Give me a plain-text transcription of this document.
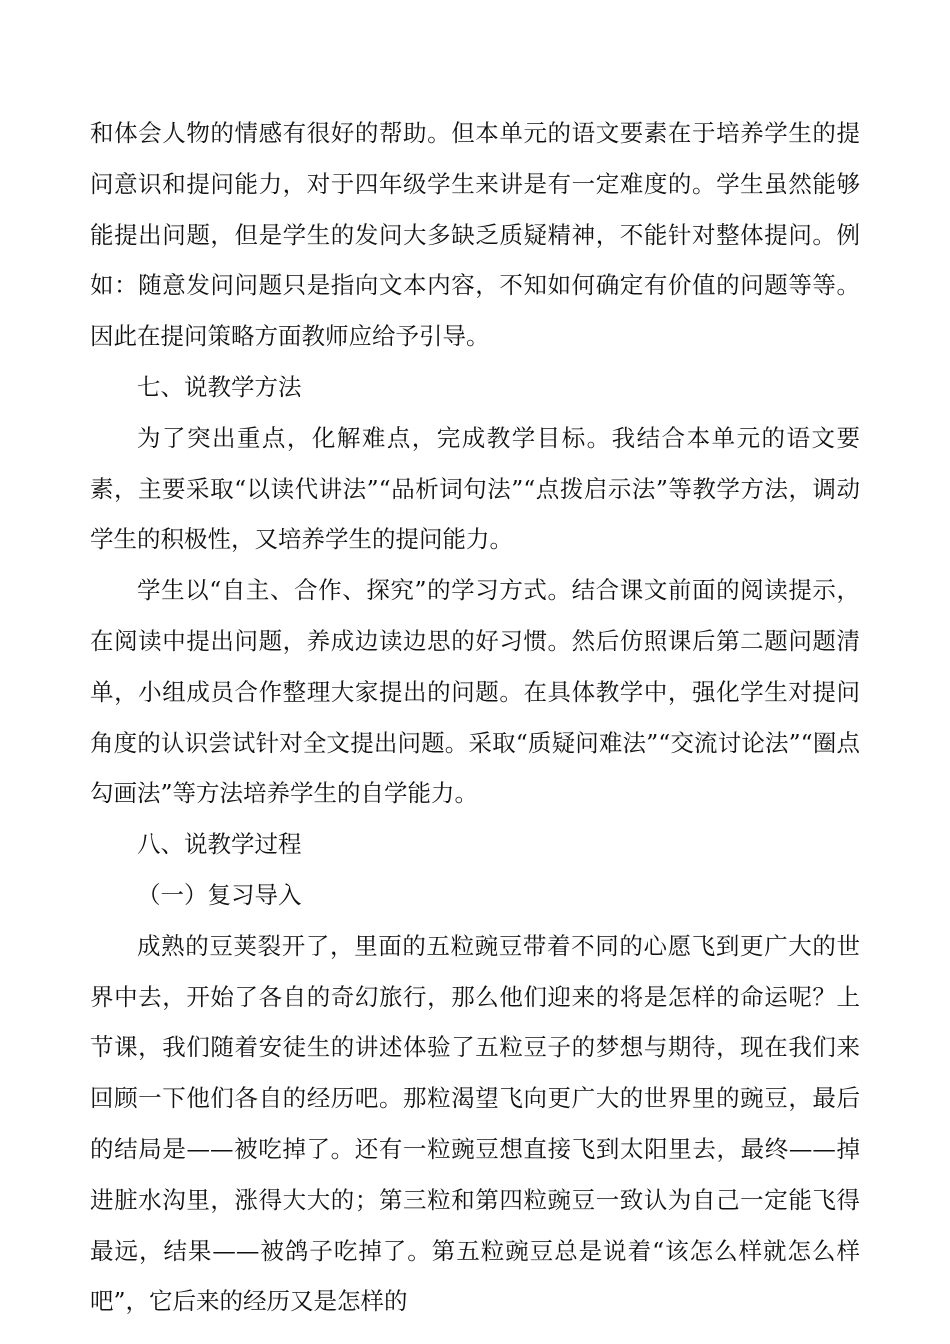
和体会人物的情感有很好的帮助。但本单元的语文要素在于培养学生的提问意识和提问能力，对于四年级学生来讲是有一定难度的。学生虽然能够能提出问题，但是学生的发问大多缺乏质疑精神，不能针对整体提问。例如：随意发问问题只是指向文本内容，不知如何确定有价值的问题等等。因此在提问策略方面教师应给予引导。

七、说教学方法

为了突出重点，化解难点，完成教学目标。我结合本单元的语文要素，主要采取“以读代讲法”“品析词句法”“点拨启示法”等教学方法，调动学生的积极性，又培养学生的提问能力。

学生以“自主、合作、探究”的学习方式。结合课文前面的阅读提示，在阅读中提出问题，养成边读边思的好习惯。然后仿照课后第二题问题清单，小组成员合作整理大家提出的问题。在具体教学中，强化学生对提问角度的认识尝试针对全文提出问题。采取“质疑问难法”“交流讨论法”“圈点勾画法”等方法培养学生的自学能力。

八、说教学过程

（一）复习导入

成熟的豆荚裂开了，里面的五粒豌豆带着不同的心愿飞到更广大的世界中去，开始了各自的奇幻旅行，那么他们迎来的将是怎样的命运呢？上节课，我们随着安徒生的讲述体验了五粒豆子的梦想与期待，现在我们来回顾一下他们各自的经历吧。那粒渴望飞向更广大的世界里的豌豆，最后的结局是——被吃掉了。还有一粒豌豆想直接飞到太阳里去，最终——掉进脏水沟里，涨得大大的；第三粒和第四粒豌豆一致认为自己一定能飞得最远，结果——被鸽子吃掉了。第五粒豌豆总是说着“该怎么样就怎么样吧”，它后来的经历又是怎样的
